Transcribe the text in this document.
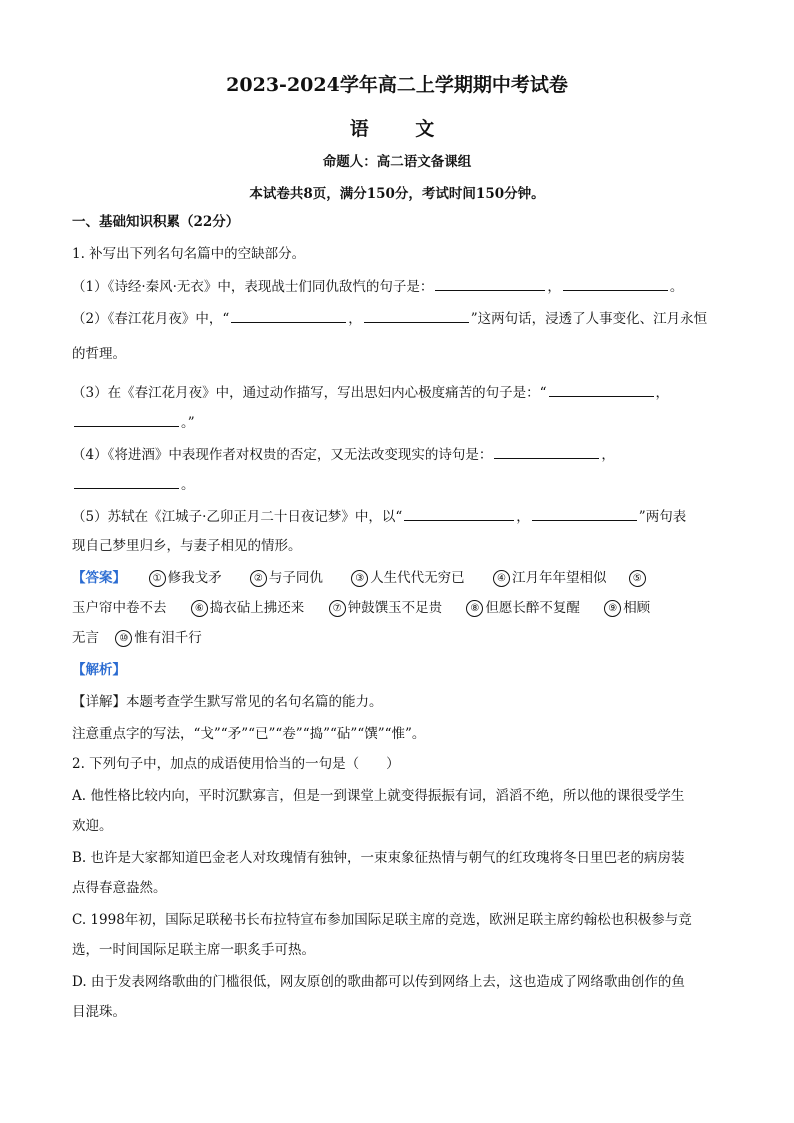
2023-2024学年高二上学期期中考试卷
语 文
命题人：高二语文备课组
本试卷共8页，满分150分，考试时间150分钟。
一、基础知识积累（22分）
1. 补写出下列名句名篇中的空缺部分。
（1）《诗经·秦风·无衣》中，表现战士们同仇敌忾的句子是：	，	。
（2）《春江花月夜》中，“	，	”这两句话，浸透了人事变化、江月永恒
的哲理。
（3）在《春江花月夜》中，通过动作描写，写出思妇内心极度痛苦的句子是：“	，
。”
（4）《将进酒》中表现作者对权贵的否定，又无法改变现实的诗句是：	，
。
（5）苏轼在《江城子·乙卯正月二十日夜记梦》中，以“	，	”两句表
现自己梦里归乡，与妻子相见的情形。
【答案】	① 修我戈矛	② 与子同仇	③ 人生代代无穷已	④ 江月年年望相似	⑤
玉户帘中卷不去	⑥ 捣衣砧上拂还来	⑦ 钟鼓馔玉不足贵	⑧ 但愿长醉不复醒	⑨ 相顾
无言 ⑩ 惟有泪千行
【解析】
【详解】本题考查学生默写常见的名句名篇的能力。
注意重点字的写法，“戈”“矛”“已”“卷”“捣”“砧”“馔”“惟”。
2. 下列句子中，加点的成语使用恰当的一句是（　　）
A. 他性格比较内向，平时沉默寡言，但是一到课堂上就变得振振有词，滔滔不绝，所以他的课很受学生
欢迎。
B. 也许是大家都知道巴金老人对玫瑰情有独钟，一束束象征热情与朝气的红玫瑰将冬日里巴老的病房装
点得春意盎然。
C. 1998年初，国际足联秘书长布拉特宣布参加国际足联主席的竞选，欧洲足联主席约翰松也积极参与竞
选，一时间国际足联主席一职炙手可热。
D. 由于发表网络歌曲的门槛很低，网友原创的歌曲都可以传到网络上去，这也造成了网络歌曲创作的鱼
目混珠。
